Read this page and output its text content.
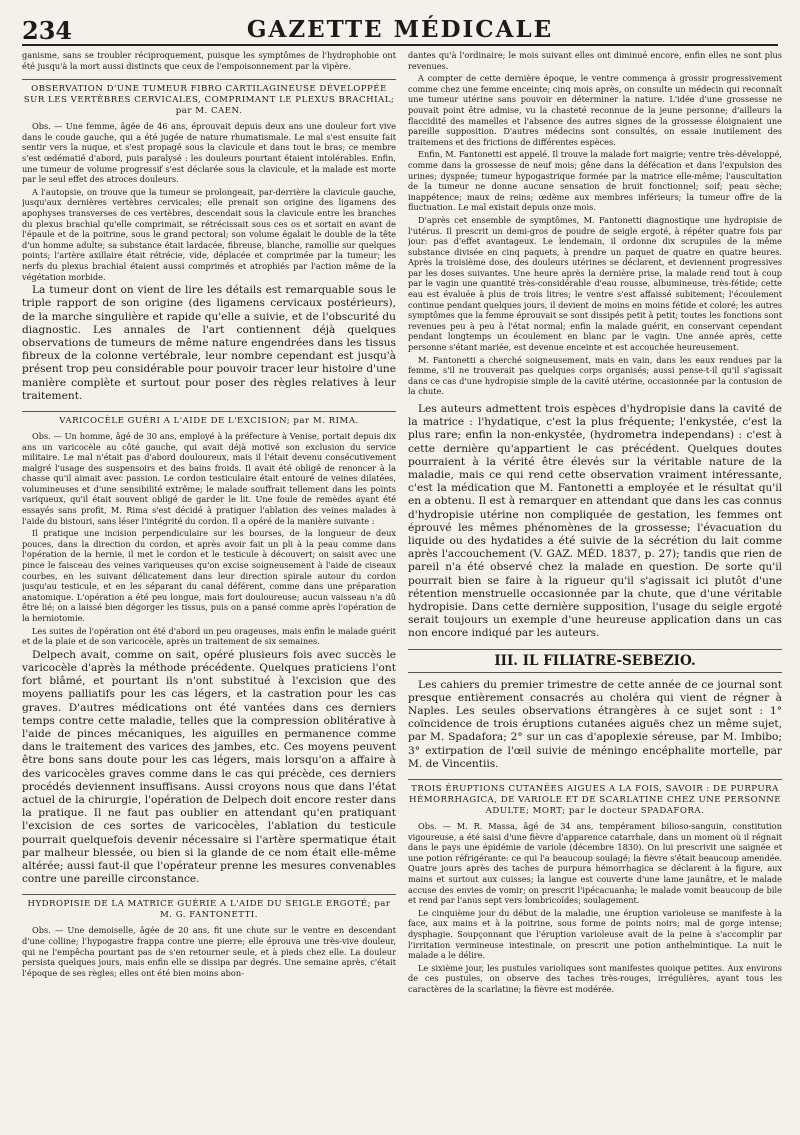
234	GAZETTE MÉDICALE

ganisme, sans se troubler réciproquement, puisque les symptômes de l'hydrophobie ont été jusqu'à la mort aussi distincts que ceux de l'empoisonnement par la vipère.

OBSERVATION D'UNE TUMEUR FIBRO CARTILAGINEUSE DÉVELOPPÉE SUR LES VERTÈBRES CERVICALES, COMPRIMANT LE PLEXUS BRACHIAL; par M. CAEN.

Obs. — Une femme, âgée de 46 ans, éprouvait depuis deux ans une douleur fort vive dans le coude gauche, qui a été jugée de nature rhumatismale. Le mal s'est ensuite fait sentir vers la nuque, et s'est propagé sous la clavicule et dans tout le bras; ce membre s'est œdématié d'abord, puis paralysé : les douleurs pourtant étaient intolérables. Enfin, une tumeur de volume progressif s'est déclarée sous la clavicule, et la malade est morte par le seul effet des atroces douleurs.

A l'autopsie, on trouve que la tumeur se prolongeait, par-derrière la clavicule gauche, jusqu'aux dernières vertèbres cervicales; elle prenait son origine des ligamens des apophyses transverses de ces vertèbres, descendait sous la clavicule entre les branches du plexus brachial qu'elle comprimait, se rétrécissait sous ces os et sortait en avant de l'épaule et de la poitrine, sous le grand pectoral; son volume égalait le double de la tête d'un homme adulte; sa substance était lardacée, fibreuse, blanche, ramollie sur quelques points; l'artère axillaire était rétrécie, vide, déplacée et comprimée par la tumeur; les nerfs du plexus brachial étaient aussi comprimés et atrophiés par l'action même de la végétation morbide.

La tumeur dont on vient de lire les détails est remarquable sous le triple rapport de son origine (des ligamens cervicaux postérieurs), de la marche singulière et rapide qu'elle a suivie, et de l'obscurité du diagnostic. Les annales de l'art contiennent déjà quelques observations de tumeurs de même nature engendrées dans les tissus fibreux de la colonne vertébrale, leur nombre cependant est jusqu'à présent trop peu considérable pour pouvoir tracer leur histoire d'une manière complète et surtout pour poser des règles relatives à leur traitement.

VARICOCÈLE GUÉRI A L'AIDE DE L'EXCISION; par M. RIMA.

Obs. — Un homme, âgé de 30 ans, employé à la préfecture à Venise, portait depuis dix ans un varicocèle au côté gauche, qui avait déjà motivé son exclusion du service militaire. Le mal n'était pas d'abord douloureux, mais il l'était devenu consécutivement malgré l'usage des suspensoirs et des bains froids. Il avait été obligé de renoncer à la chasse qu'il aimait avec passion. Le cordon testiculaire était entouré de veines dilatées, volumineuses et d'une sensibilité extrême; le malade souffrait tellement dans les points variqueux, qu'il était souvent obligé de garder le lit. Une foule de remèdes ayant été essayés sans profit, M. Rima s'est décidé à pratiquer l'ablation des veines malades à l'aide du bistouri, sans léser l'intégrité du cordon. Il a opéré de la manière suivante :

Il pratique une incision perpendiculaire sur les bourses, de la longueur de deux pouces, dans la direction du cordon, et après avoir fait un pli à la peau comme dans l'opération de la hernie, il met le cordon et le testicule à découvert; on saisit avec une pince le faisceau des veines variqueuses qu'on excise soigneusement à l'aide de ciseaux courbes, en les suivant délicatement dans leur direction spirale autour du cordon jusqu'au testicule, et en les séparant du canal déférent, comme dans une préparation anatomique. L'opération a été peu longue, mais fort douloureuse; aucun vaisseau n'a dû être lié; on a laissé bien dégorger les tissus, puis on a pansé comme après l'opération de la herniotomie.

Les suites de l'opération ont été d'abord un peu orageuses, mais enfin le malade guérit et de la plaie et de son varicocèle, après un traitement de six semaines.

Delpech avait, comme on sait, opéré plusieurs fois avec succès le varicocèle d'après la méthode précédente. Quelques praticiens l'ont fort blâmé, et pourtant ils n'ont substitué à l'excision que des moyens palliatifs pour les cas légers, et la castration pour les cas graves. D'autres médications ont été vantées dans ces derniers temps contre cette maladie, telles que la compression oblitérative à l'aide de pinces mécaniques, les aiguilles en permanence comme dans le traitement des varices des jambes, etc. Ces moyens peuvent être bons sans doute pour les cas légers, mais lorsqu'on a affaire à des varicocèles graves comme dans le cas qui précède, ces derniers procédés deviennent insuffisans. Aussi croyons nous que dans l'état actuel de la chirurgie, l'opération de Delpech doit encore rester dans la pratique. Il ne faut pas oublier en attendant qu'en pratiquant l'excision de ces sortes de varicocèles, l'ablation du testicule pourrait quelquefois devenir nécessaire si l'artère spermatique était par malheur blessée, ou bien si la glande de ce nom était elle-même altérée; aussi faut-il que l'opérateur prenne les mesures convenables contre une pareille circonstance.

HYDROPISIE DE LA MATRICE GUÉRIE A L'AIDE DU SEIGLE ERGOTÉ; par M. G. FANTONETTI.

Obs. — Une demoiselle, âgée de 20 ans, fit une chute sur le ventre en descendant d'une colline; l'hypogastre frappa contre une pierre; elle éprouva une très-vive douleur, qui ne l'empêcha pourtant pas de s'en retourner seule, et à pieds chez elle. La douleur persista quelques jours, mais enfin elle se dissipa par degrés. Une semaine après, c'était l'époque de ses règles; elles ont été bien moins abon-

dantes qu'à l'ordinaire; le mois suivant elles ont diminué encore, enfin elles ne sont plus revenues.

A compter de cette dernière époque, le ventre commença à grossir progressivement comme chez une femme enceinte; cinq mois après, on consulte un médecin qui reconnaît une tumeur utérine sans pouvoir en déterminer la nature. L'idée d'une grossesse ne pouvait point être admise, vu la chasteté reconnue de la jeune personne; d'ailleurs la flaccidité des mamelles et l'absence des autres signes de la grossesse éloignaient une pareille supposition. D'autres médecins sont consultés, on essaie inutilement des traitemens et des frictions de différentes espèces.

Enfin, M. Fantonetti est appelé. Il trouve la malade fort maigrie; ventre très-développé, comme dans la grossesse de neuf mois; gêne dans la défécation et dans l'expulsion des urines; dyspnée; tumeur hypogastrique formée par la matrice elle-même; l'auscultation de la tumeur ne donne aucune sensation de bruit fonctionnel; soif; peau sèche; inappétence; maux de reins; œdème aux membres inférieurs; la tumeur offre de la fluctuation. Le mal existait depuis onze mois.

D'après cet ensemble de symptômes, M. Fantonetti diagnostique une hydropisie de l'utérus. Il prescrit un demi-gros de poudre de seigle ergoté, à répéter quatre fois par jour: pas d'effet avantageux. Le lendemain, il ordonne dix scrupules de la même substance divisée en cinq paquets, à prendre un paquet de quatre en quatre heures. Après la troisième dose, des douleurs utérines se déclarent, et deviennent progressives par les doses suivantes. Une heure après la dernière prise, la malade rend tout à coup par le vagin une quantité très-considérable d'eau rousse, albumineuse, très-fétide; cette eau est évaluée à plus de trois litres; le ventre s'est affaissé subitement; l'écoulement continue pendant quelques jours, il devient de moins en moins fétide et coloré; les autres symptômes que la femme éprouvait se sont dissipés petit à petit; toutes les fonctions sont revenues peu à peu à l'état normal; enfin la malade guérit, en conservant cependant pendant longtemps un écoulement en blanc par le vagin. Une année après, cette personne s'étant mariée, est devenue enceinte et est accouchée heureusement.

M. Fantonetti a cherché soigneusement, mais en vain, dans les eaux rendues par la femme, s'il ne trouverait pas quelques corps organisés; aussi pense-t-il qu'il s'agissait dans ce cas d'une hydropisie simple de la cavité utérine, occasionnée par la contusion de la chute.

Les auteurs admettent trois espèces d'hydropisie dans la cavité de la matrice : l'hydatique, c'est la plus fréquente; l'enkystée, c'est la plus rare; enfin la non-enkystée, (hydrometra independans) : c'est à cette dernière qu'appartient le cas précédent. Quelques doutes pourraient à la vérité être élevés sur la véritable nature de la maladie, mais ce qui rend cette observation vraiment intéressante, c'est la médication que M. Fantonetti a employée et le résultat qu'il en a obtenu. Il est à remarquer en attendant que dans les cas connus d'hydropisie utérine non compliquée de gestation, les femmes ont éprouvé les mêmes phénomènes de la grossesse; l'évacuation du liquide ou des hydatides a été suivie de la sécrétion du lait comme après l'accouchement (V. GAZ. MÉD. 1837, p. 27); tandis que rien de pareil n'a été observé chez la malade en question. De sorte qu'il pourrait bien se faire à la rigueur qu'il s'agissait ici plutôt d'une rétention menstruelle occasionnée par la chute, que d'une véritable hydropisie. Dans cette dernière supposition, l'usage du seigle ergoté serait toujours un exemple d'une heureuse application dans un cas non encore indiqué par les auteurs.

III. IL FILIATRE-SEBEZIO.

Les cahiers du premier trimestre de cette année de ce journal sont presque entièrement consacrés au choléra qui vient de régner à Naples. Les seules observations étrangères à ce sujet sont : 1° coïncidence de trois éruptions cutanées aiguës chez un même sujet, par M. Spadafora; 2° sur un cas d'apoplexie séreuse, par M. Imbibo; 3° extirpation de l'œil suivie de méningo encéphalite mortelle, par M. de Vincentiis.

TROIS ÉRUPTIONS CUTANÉES AIGUES A LA FOIS, SAVOIR : DE PURPURA HÉMORRHAGICA, DE VARIOLE ET DE SCARLATINE CHEZ UNE PERSONNE ADULTE; MORT; par le docteur SPADAFORA.

Obs. — M. R. Massa, âgé de 34 ans, tempérament bilioso-sanguin, constitution vigoureuse, a été saisi d'une fièvre d'apparence catarrhale, dans un moment où il régnait dans le pays une épidémie de variole (décembre 1830). On lui prescrivit une saignée et une potion réfrigérante: ce qui l'a beaucoup soulagé; la fièvre s'était beaucoup amendée. Quatre jours après des taches de purpura hémorrhagica se déclarent à la figure, aux mains et surtout aux cuisses; la langue est couverte d'une lame jaunâtre, et le malade accuse des envies de vomir; on prescrit l'ipécacuanha; le malade vomit beaucoup de bile et rend par l'anus sept vers lombricoïdes; soulagement.

Le cinquième jour du début de la maladie, une éruption varioleuse se manifeste à la face, aux mains et à la poitrine, sous forme de points noirs; mal de gorge intense; dysphagie. Soupçonnant que l'éruption varioleuse avait de la peine à s'accomplir par l'irritation vermineuse intestinale, on prescrit une potion anthelmintique. La nuit le malade a le délire.

Le sixième jour, les pustules varioliques sont manifestes quoique petites. Aux environs de ces pustules, on observe des taches très-rouges, irrégulières, ayant tous les caractères de la scarlatine; la fièvre est modérée.
